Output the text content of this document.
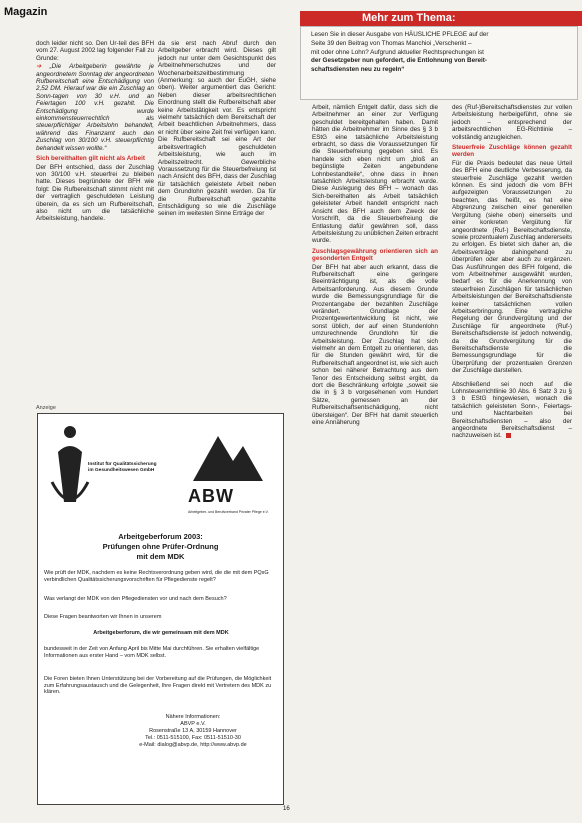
Magazin	Mehr zum Thema:
Lesen Sie in dieser Ausgabe von HÄUSLICHE PFLEGE auf der
Seite 39 den Beitrag von Thomas Manchioi „Verschenkt –
mit oder ohne Lohn? Aufgrund aktueller Rechtsprechungen ist
der Gesetzgeber nun gefordert, die Entlohnung von Bereit-
schaftsdiensten neu zu regeln“

doch leider nicht so. Den Ur-teil des BFH vom 27. August 2002 lag folgender Fall zu Grunde:

➔ „Die Arbeitgeberin gewährte je angeordnetem Sonntag der angeordneten Rufbereitschaft eine Entschädigung von 2,52 DM. Hierauf war die ein Zuschlag an Sonn-tagen von 30 v.H. und an Feiertagen 100 v.H. gezahlt. Die Entschädigung wurde einkommensteuerrechtlich als steuerpflichtiger Arbeitslohn behandelt, während das Finanzamt auch den Zuschlag von 30/100 v.H. steuerpflichtig behandelt wissen wollte.“

Sich bereithalten gilt nicht als Arbeit

Der BFH entschied, dass der Zuschlag von 30/100 v.H. steuerfrei zu bleiben hatte. Dieses begründete der BFH wie folgt: Die Rufbereitschaft stimmt nicht mit der vertraglich geschuldeten Leistung überein, da es sich um Rufbereitschaft, also nicht um die tatsächliche Arbeitsleistung, handele.

da sie erst nach Abruf durch den Arbeitgeber erbracht wird. Dieses gilt jedoch nur unter dem Gesichtspunkt des Arbeitnehmerschutzes und der Wochenarbeitszeitbestimmung (Anmerkung: so auch der EuGH, siehe oben). Weiter argumentiert das Gericht: Neben dieser arbeitsrechtlichen Einordnung stellt die Rufbereitschaft aber keine Arbeitstätigkeit vor. Es entspricht vielmehr tatsächlich dem Bereitschaft der Arbeit beachtlichen Arbeitnehmers, dass er nicht über seine Zeit frei verfügen kann. Die Rufbereitschaft sei eine Art der arbeitsvertraglich geschuldeten Arbeitsleistung, wie auch im Arbeitszeitrecht. Gewerbliche Voraussetzung für die Steuerbefreiung ist nach Ansicht des BFH, dass der Zuschlag für tatsächlich geleistete Arbeit neben dem Grundlohn gezahlt werden. Da für die Rufbereitschaft gezahlte Entschädigung so wie die Zuschläge seinen im weitesten Sinne Erträge der

Arbeit, nämlich Entgelt dafür, dass sich die Arbeitnehmer an einer zur Verfügung geschuldet bereitgehalten haben. Damit hätten die Arbeitnehmer im Sinne des § 3 b EStG eine tatsächliche Arbeitsleistung erbracht, so dass die Voraussetzungen für die Steuerbefreiung gegeben sind. Es handele sich eben nicht um „bloß an begünstigte Zeiten angebundene Lohnbestandteile“, ohne dass in ihnen tatsächlich Arbeitsleistung erbracht wurde. Diese Auslegung des BFH – wonach das Sich-bereithalten als Arbeit tatsächlich geleisteter Arbeit handelt entspricht nach Ansicht des BFH auch dem Zweck der Vorschrift, da die Steuerbefreiung die Entlastung dafür gewähren soll, dass Arbeitsleistung zu unüblichen Zeiten erbracht wurde.

Zuschlagsgewährung orientieren sich an gesonderten Entgelt

Der BFH hat aber auch erkannt, dass die Rufbereitschaft eine geringere Beeinträchtigung ist, als die volle Arbeitsanforderung. Aus diesem Grunde wurde die Bemessungsgrundlage für die Prozentangabe der bezahlten Zuschläge verändert. Grundlage der Prozentgewertentwicklung ist nicht, wie sonst üblich, der auf einen Stundenlohn umzurechnende Grundlohn für die Arbeitsleistung. Der Zuschlag hat sich vielmehr an dem Entgelt zu orientieren, das für die Stunden gewährt wird, für die Rufbereitschaft angeordnet ist, wie sich auch schon bei näherer Betrachtung aus dem Tenor des Entscheidung selbst ergibt, da dort die Beschränkung erfolgte „soweit sie die in § 3 b vorgesehenen vom Hundert Sätze, gemessen an der Rufbereitschaftsentschädigung, nicht übersteigen“. Der BFH hat damit steuerlich eine Annäherung

des (Ruf-)Bereitschaftsdienstes zur vollen Arbeitsleistung herbeigeführt, ohne sie jedoch – entsprechend der arbeitsrechtlichen EG-Richtlinie – vollständig anzugleichen.

Steuerfreie Zuschläge können gezahlt werden

Für die Praxis bedeutet das neue Urteil des BFH eine deutliche Verbesserung, da steuerfreie Zuschläge gezahlt werden können. Es sind jedoch die vom BFH aufgezeigten Voraussetzungen zu beachten, das heißt, es hat eine Abgrenzung zwischen einer generellen Vergütung (siehe oben) einerseits und einer konkreten Vergütung für angeordnete (Ruf-) Bereitschaftsdienste, sowie prozentualem Zuschlag andererseits zu erfolgen. Es bietet sich daher an, die Arbeitsverträge dahingehend zu überprüfen oder aber auch zu ergänzen. Das Ausführungen des BFH folgend, die vom Arbeitnehmer ausgewählt wurden, bedarf es für die Anerkennung von steuerfreien Zuschlägen für tatsächlichen Arbeitsleistungen der Bereitschaftsdienste keiner tatsächlichen vollen Arbeitserbringung. Eine vertragliche Regelung der Grundvergütung und der Zuschläge für angeordnete (Ruf-) Bereitschaftsdienste ist jedoch notwendig, da die Grundvergütung für die Bereitschaftsdienste die Bemessungsgrundlage für die Überprüfung der prozentualen Grenzen der Zuschläge darstellen.

Abschließend sei noch auf die Lohnsteuerrichtlinie 30 Abs. 6 Satz 3 zu § 3 b EStG hingewiesen, wonach die tatsächlich geleisteten Sonn-, Feiertags- und Nachtarbeiten bei Bereitschaftsdiensten – also der angeordnete Bereitschaftsdienst – nachzuweisen ist.

Anzeige
Institut für Qualitätssicherung im Gesundheitswesen GmbH
ABW
Arbeitgeber- und Berufsverband Privater Pflege e.V.
Arbeitgeberforum 2003:
Prüfungen ohne Prüfer-Ordnung
mit dem MDK
Wie prüft der MDK, nachdem es keine Rechtsverordnung geben wird, die die mit dem PQsG verbindlichen Qualitätssicherungsvorschriften für Pflegedienste regelt?
Was verlangt der MDK von den Pflegediensten vor und nach dem Besuch?
Diese Fragen beantworten wir Ihnen in unserem
Arbeitgeberforum, die wir gemeinsam mit dem MDK
bundesweit in der Zeit von Anfang April bis Mitte Mai durchführen. Sie erhalten vielfältige Informationen aus erster Hand – vom MDK selbst.
Die Foren bieten Ihnen Unterstützung bei der Vorbereitung auf die Prüfungen, die Möglichkeit zum Erfahrungsaustausch und die Gelegenheit, Ihre Fragen direkt mit Vertretern des MDK zu klären.
Nähere Informationen:
ABVP e.V.
Rosenstraße 13 A, 30159 Hannover
Tel.: 0511-515100, Fax: 0511-51510-30
e-Mail: dialog@abvp.de, http://www.abvp.de
16
